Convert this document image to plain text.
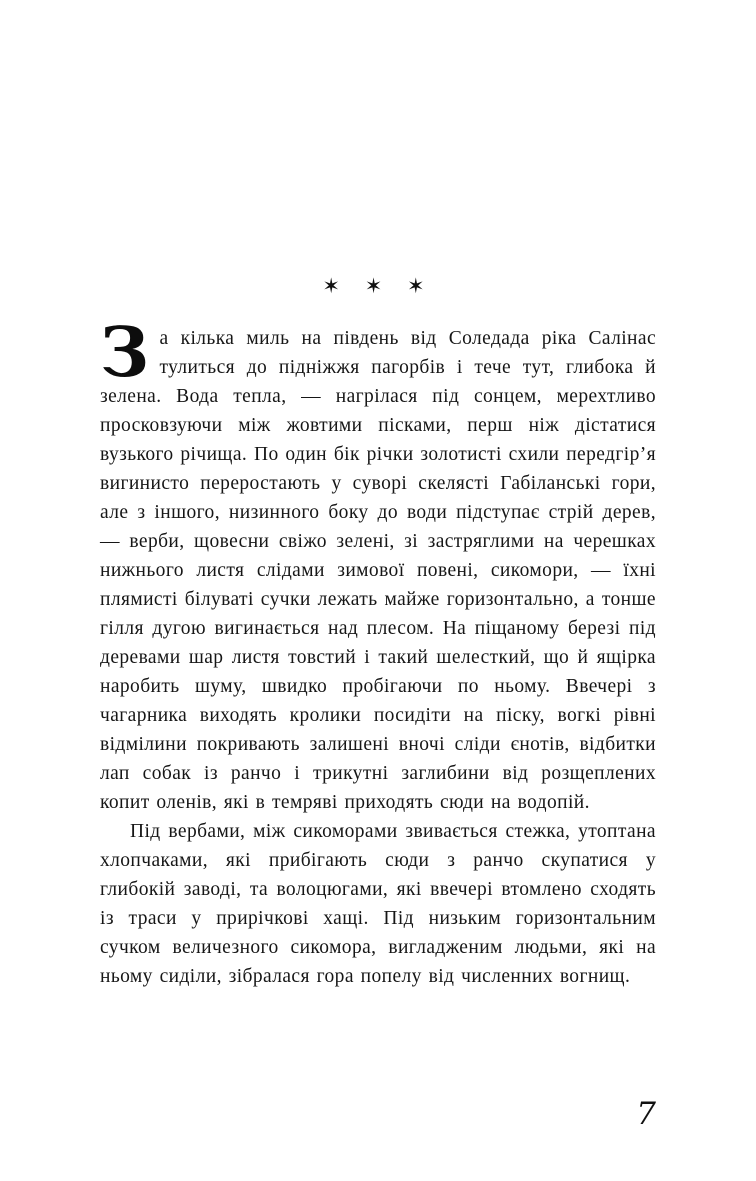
✶ ✶ ✶

За кілька миль на південь від Соледада ріка Салінас тулиться до підніжжя пагорбів і тече тут, глибока й зелена. Вода тепла, — нагрілася під сонцем, мерехтливо просковзуючи між жовтими пісками, перш ніж дістатися вузького річища. По один бік річки золотисті схили передгір’я вигинисто переростають у суворі скелясті Габіланські гори, але з іншого, низинного боку до води підступає стрій дерев, — верби, щовесни свіжо зелені, зі застряглими на черешках нижнього листя слідами зимової повені, сикомори, — їхні плямисті білуваті сучки лежать майже горизонтально, а тонше гілля дугою вигинається над плесом. На піщаному березі під деревами шар листя товстий і такий шелесткий, що й ящірка наробить шуму, швидко пробігаючи по ньому. Ввечері з чагарника виходять кролики посидіти на піску, вогкі рівні відмілини покривають залишені вночі сліди єнотів, відбитки лап собак із ранчо і трикутні заглибини від розщеплених копит оленів, які в темряві приходять сюди на водопій.

Під вербами, між сикоморами звивається стежка, утоптана хлопчаками, які прибігають сюди з ранчо скупатися у глибокій заводі, та волоцюгами, які ввечері втомлено сходять із траси у прирічкові хащі. Під низьким горизонтальним сучком величезного сикомора, вигладженим людьми, які на ньому сиділи, зібралася гора попелу від численних вогнищ.

7
